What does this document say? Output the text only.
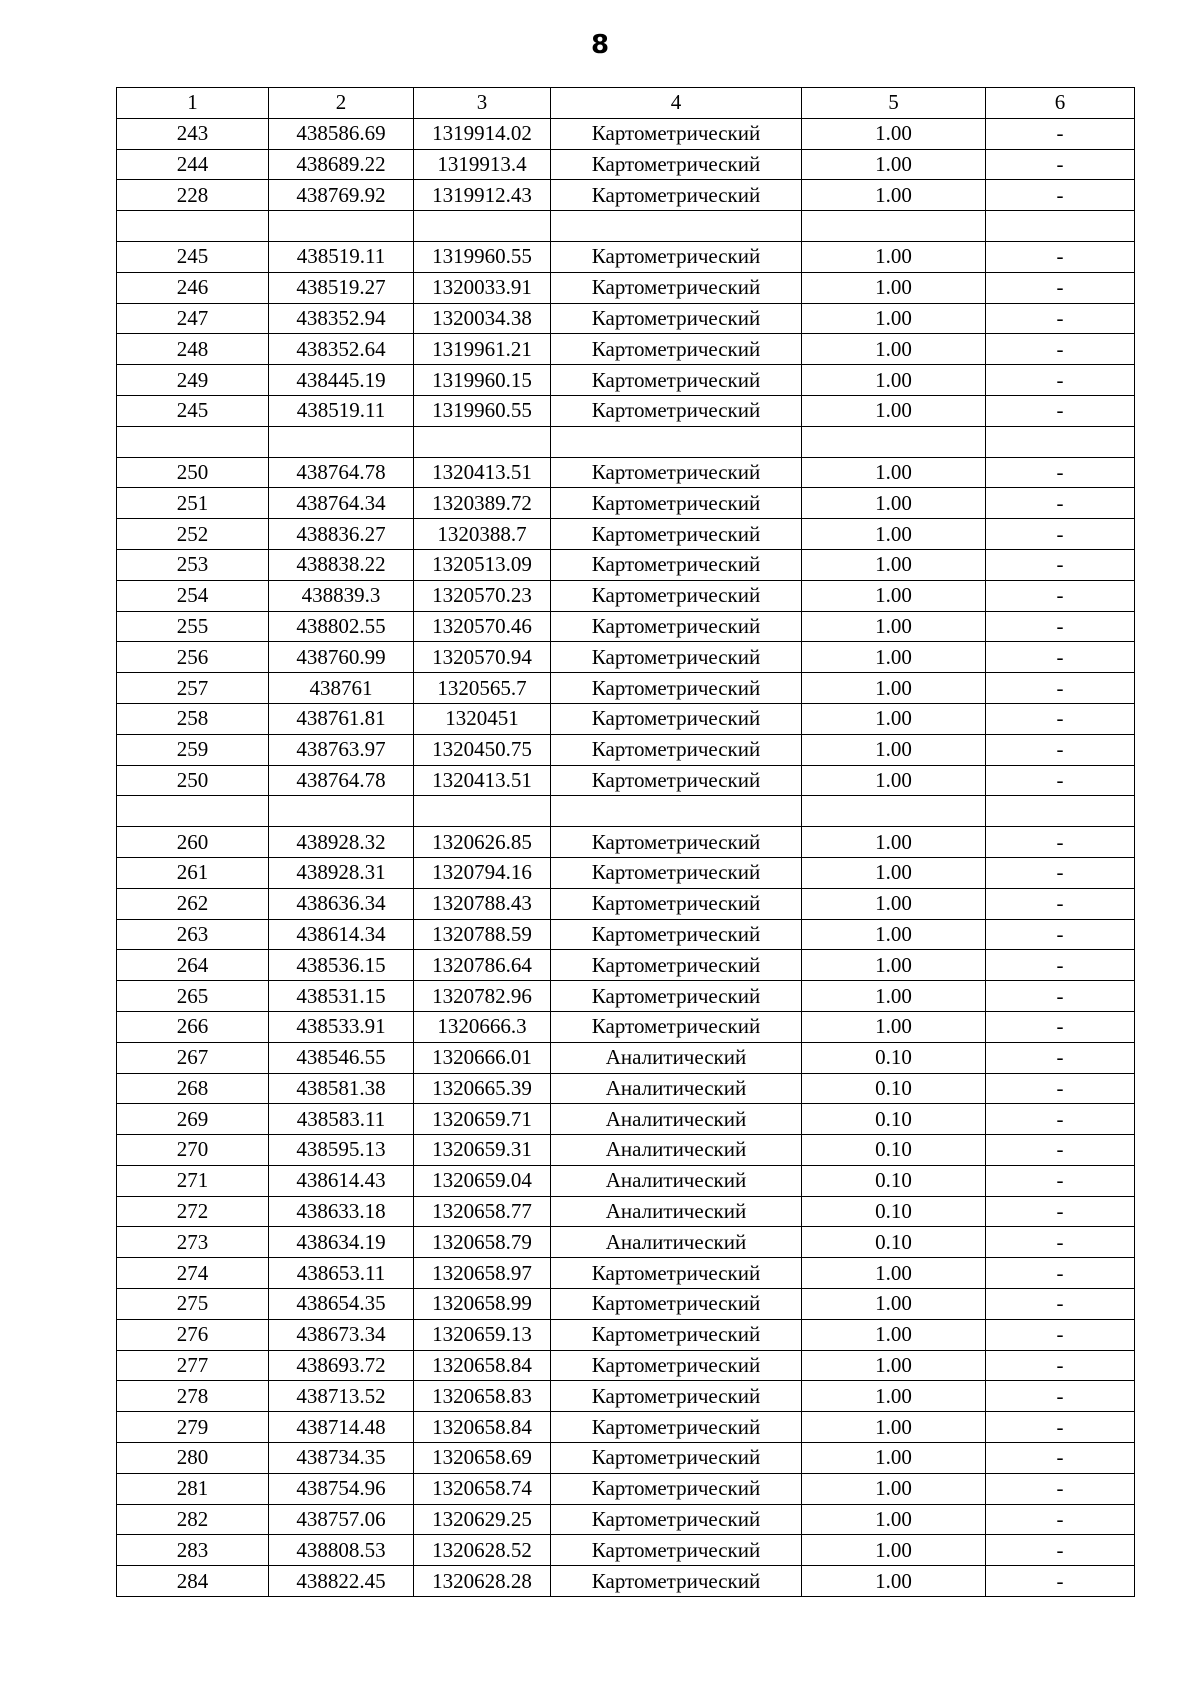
8
1	2	3	4	5	6
243	438586.69	1319914.02	Картометрический	1.00	-
244	438689.22	1319913.4	Картометрический	1.00	-
228	438769.92	1319912.43	Картометрический	1.00	-

245	438519.11	1319960.55	Картометрический	1.00	-
246	438519.27	1320033.91	Картометрический	1.00	-
247	438352.94	1320034.38	Картометрический	1.00	-
248	438352.64	1319961.21	Картометрический	1.00	-
249	438445.19	1319960.15	Картометрический	1.00	-
245	438519.11	1319960.55	Картометрический	1.00	-

250	438764.78	1320413.51	Картометрический	1.00	-
251	438764.34	1320389.72	Картометрический	1.00	-
252	438836.27	1320388.7	Картометрический	1.00	-
253	438838.22	1320513.09	Картометрический	1.00	-
254	438839.3	1320570.23	Картометрический	1.00	-
255	438802.55	1320570.46	Картометрический	1.00	-
256	438760.99	1320570.94	Картометрический	1.00	-
257	438761	1320565.7	Картометрический	1.00	-
258	438761.81	1320451	Картометрический	1.00	-
259	438763.97	1320450.75	Картометрический	1.00	-
250	438764.78	1320413.51	Картометрический	1.00	-

260	438928.32	1320626.85	Картометрический	1.00	-
261	438928.31	1320794.16	Картометрический	1.00	-
262	438636.34	1320788.43	Картометрический	1.00	-
263	438614.34	1320788.59	Картометрический	1.00	-
264	438536.15	1320786.64	Картометрический	1.00	-
265	438531.15	1320782.96	Картометрический	1.00	-
266	438533.91	1320666.3	Картометрический	1.00	-
267	438546.55	1320666.01	Аналитический	0.10	-
268	438581.38	1320665.39	Аналитический	0.10	-
269	438583.11	1320659.71	Аналитический	0.10	-
270	438595.13	1320659.31	Аналитический	0.10	-
271	438614.43	1320659.04	Аналитический	0.10	-
272	438633.18	1320658.77	Аналитический	0.10	-
273	438634.19	1320658.79	Аналитический	0.10	-
274	438653.11	1320658.97	Картометрический	1.00	-
275	438654.35	1320658.99	Картометрический	1.00	-
276	438673.34	1320659.13	Картометрический	1.00	-
277	438693.72	1320658.84	Картометрический	1.00	-
278	438713.52	1320658.83	Картометрический	1.00	-
279	438714.48	1320658.84	Картометрический	1.00	-
280	438734.35	1320658.69	Картометрический	1.00	-
281	438754.96	1320658.74	Картометрический	1.00	-
282	438757.06	1320629.25	Картометрический	1.00	-
283	438808.53	1320628.52	Картометрический	1.00	-
284	438822.45	1320628.28	Картометрический	1.00	-
